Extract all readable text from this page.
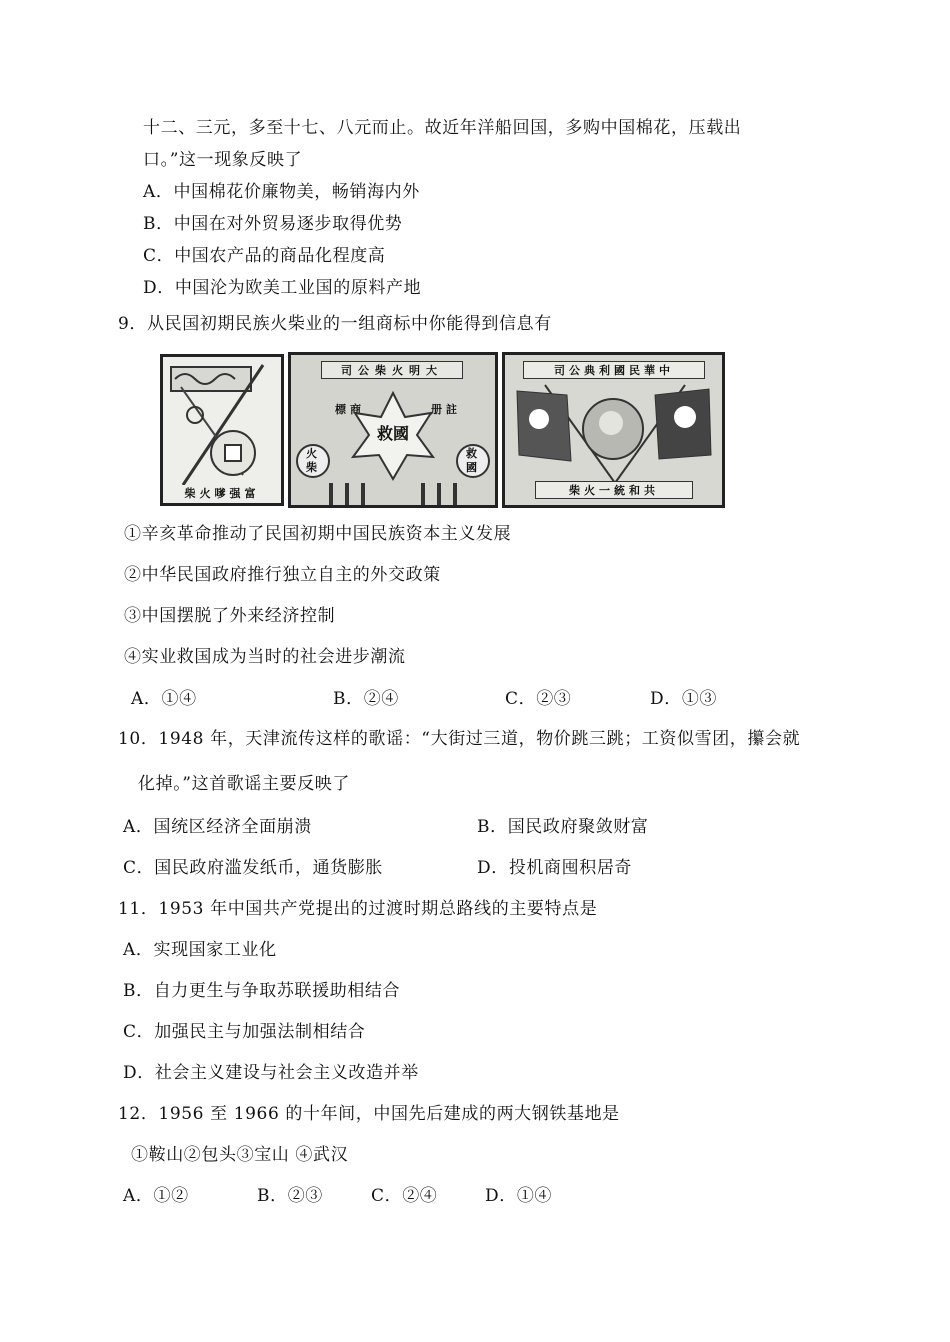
十二、三元，多至十七、八元而止。故近年洋船回国，多购中国棉花，压载出
口。”这一现象反映了
A．中国棉花价廉物美，畅销海内外
B．中国在对外贸易逐步取得优势
C．中国农产品的商品化程度高
D．中国沦为欧美工业国的原料产地
9．从民国初期民族火柴业的一组商标中你能得到信息有
柴火嗲强富
司公柴火明大
標商	册註
救國
火柴
救國
司公典利國民華中
柴火一統和共
①辛亥革命推动了民国初期中国民族资本主义发展
②中华民国政府推行独立自主的外交政策
③中国摆脱了外来经济控制
④实业救国成为当时的社会进步潮流
A．①④	B．②④	C．②③	D．①③
10．1948 年，天津流传这样的歌谣：“大街过三道，物价跳三跳；工资似雪团，攥会就
化掉。”这首歌谣主要反映了
A．国统区经济全面崩溃	B．国民政府聚敛财富
C．国民政府滥发纸币，通货膨胀	D．投机商囤积居奇
11．1953 年中国共产党提出的过渡时期总路线的主要特点是
A．实现国家工业化
B．自力更生与争取苏联援助相结合
C．加强民主与加强法制相结合
D．社会主义建设与社会主义改造并举
12．1956 至 1966 的十年间，中国先后建成的两大钢铁基地是
①鞍山②包头③宝山 ④武汉
A．①②	B．②③	C．②④	D．①④
